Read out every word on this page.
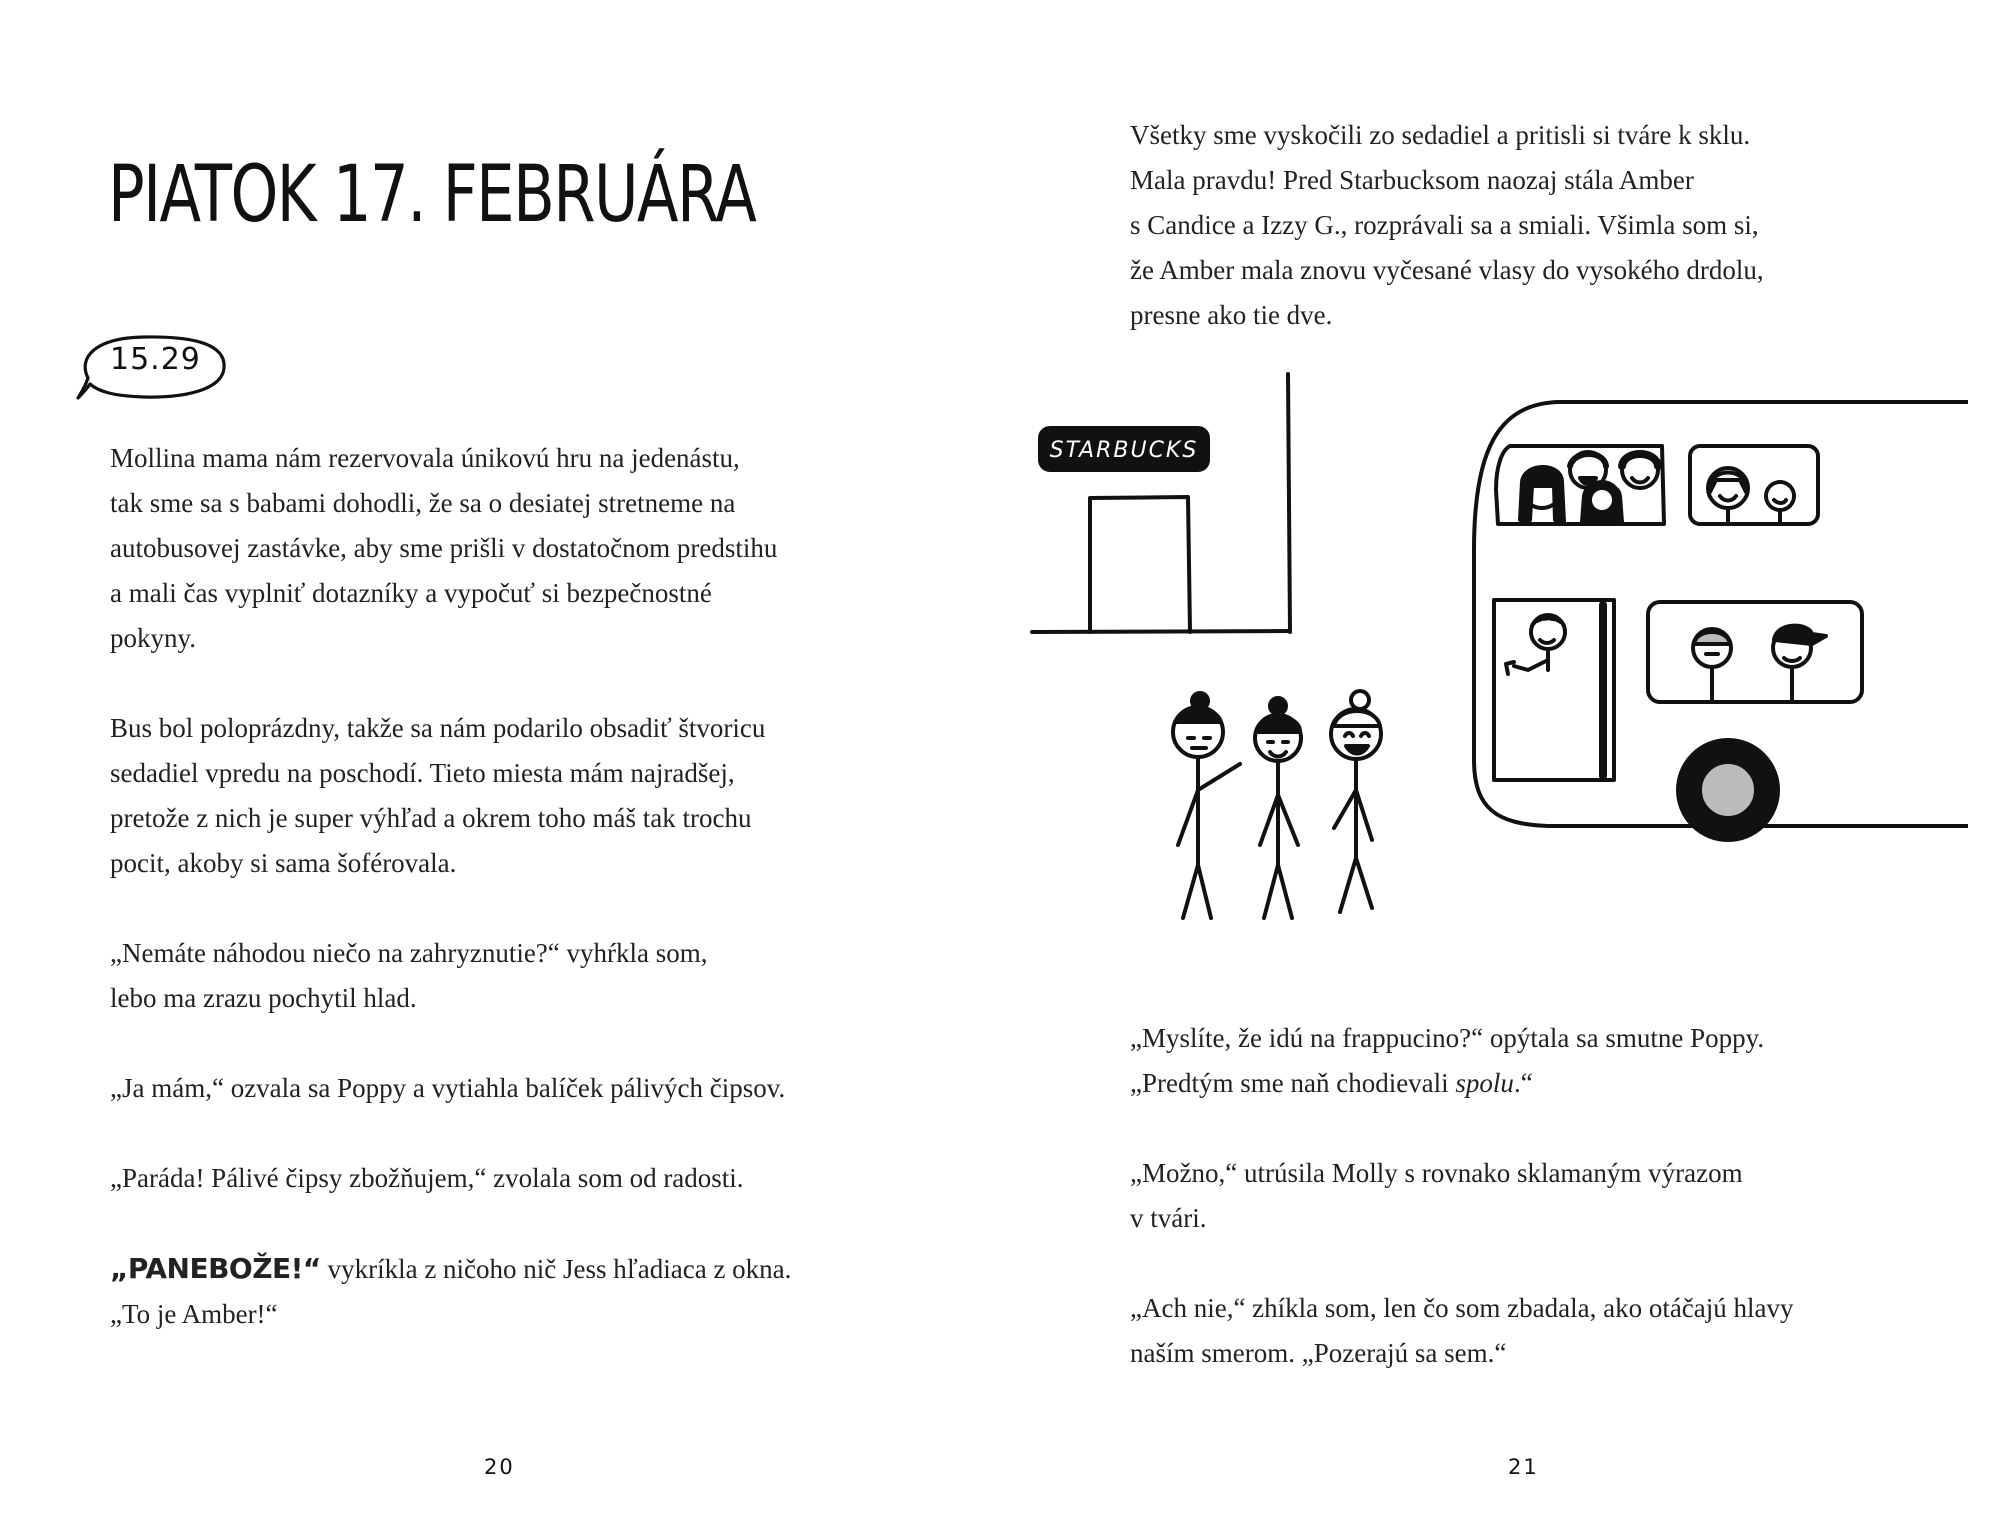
PIATOK 17. FEBRUÁRA
15.29

Mollina mama nám rezervovala únikovú hru na jedenástu,

tak sme sa s babami dohodli, že sa o desiatej stretneme na

autobusovej zastávke, aby sme prišli v dostatočnom predstihu

a mali čas vyplniť dotazníky a vypočuť si bezpečnostné

pokyny.

Bus bol poloprázdny, takže sa nám podarilo obsadiť štvoricu

sedadiel vpredu na poschodí. Tieto miesta mám najradšej,

pretože z nich je super výhľad a okrem toho máš tak trochu

pocit, akoby si sama šoférovala.

„Nemáte náhodou niečo na zahryznutie?“ vyhŕkla som,

lebo ma zrazu pochytil hlad.

„Ja mám,“ ozvala sa Poppy a vytiahla balíček pálivých čipsov.

„Paráda! Pálivé čipsy zbožňujem,“ zvolala som od radosti.

„PANEBOŽE!“ vykríkla z ničoho nič Jess hľadiaca z okna.

„To je Amber!“

20

Všetky sme vyskočili zo sedadiel a pritisli si tváre k sklu.

Mala pravdu! Pred Starbucksom naozaj stála Amber

s Candice a Izzy G., rozprávali sa a smiali. Všimla som si,

že Amber mala znovu vyčesané vlasy do vysokého drdolu,

presne ako tie dve.

„Myslíte, že idú na frappucino?“ opýtala sa smutne Poppy.

„Predtým sme naň chodievali spolu.“

„Možno,“ utrúsila Molly s rovnako sklamaným výrazom

v tvári.

„Ach nie,“ zhíkla som, len čo som zbadala, ako otáčajú hlavy

naším smerom. „Pozerajú sa sem.“

21
STARBUCKS
